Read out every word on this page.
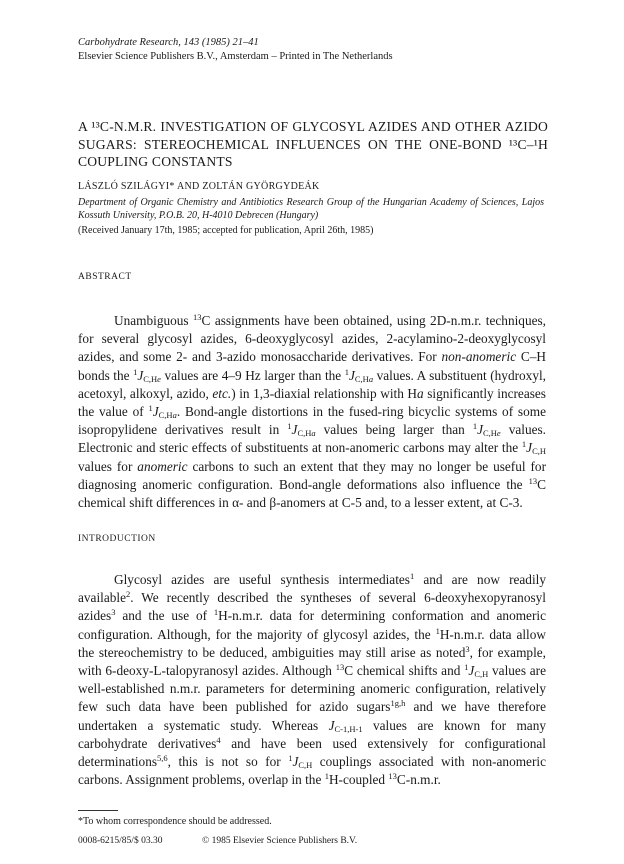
Carbohydrate Research, 143 (1985) 21–41
Elsevier Science Publishers B.V., Amsterdam – Printed in The Netherlands
A ¹³C-N.M.R. INVESTIGATION OF GLYCOSYL AZIDES AND OTHER AZIDO SUGARS: STEREOCHEMICAL INFLUENCES ON THE ONE-BOND ¹³C–¹H COUPLING CONSTANTS
LÁSZLÓ SZILÁGYI* AND ZOLTÁN GYÖRGYDEÁK
Department of Organic Chemistry and Antibiotics Research Group of the Hungarian Academy of Sciences, Lajos Kossuth University, P.O.B. 20, H-4010 Debrecen (Hungary)
(Received January 17th, 1985; accepted for publication, April 26th, 1985)
ABSTRACT

Unambiguous $^{13}$C assignments have been obtained, using 2D-n.m.r. techniques, for several glycosyl azides, 6-deoxyglycosyl azides, 2-acylamino-2-deoxyglycosyl azides, and some 2- and 3-azido monosaccharide derivatives. For non-anomeric C–H bonds the $^1J_{C,He}$ values are 4–9 Hz larger than the $^1J_{C,Ha}$ values. A substituent (hydroxyl, acetoxyl, alkoxyl, azido, etc.) in 1,3-diaxial relationship with Ha significantly increases the value of $^1J_{C,Ha}$. Bond-angle distortions in the fused-ring bicyclic systems of some isopropylidene derivatives result in $^1J_{C,Ha}$ values being larger than $^1J_{C,He}$ values. Electronic and steric effects of substituents at non-anomeric carbons may alter the $^1J_{C,H}$ values for anomeric carbons to such an extent that they may no longer be useful for diagnosing anomeric configuration. Bond-angle deformations also influence the $^{13}$C chemical shift differences in α- and β-anomers at C-5 and, to a lesser extent, at C-3.

INTRODUCTION

Glycosyl azides are useful synthesis intermediates$^1$ and are now readily available$^2$. We recently described the syntheses of several 6-deoxyhexopyranosyl azides$^3$ and the use of $^1$H-n.m.r. data for determining conformation and anomeric configuration. Although, for the majority of glycosyl azides, the $^1$H-n.m.r. data allow the stereochemistry to be deduced, ambiguities may still arise as noted$^3$, for example, with 6-deoxy-L-talopyranosyl azides. Although $^{13}$C chemical shifts and $^1J_{C,H}$ values are well-established n.m.r. parameters for determining anomeric configuration, relatively few such data have been published for azido sugars$^{1g,h}$ and we have therefore undertaken a systematic study. Whereas $J_{C-1,H-1}$ values are known for many carbohydrate derivatives$^4$ and have been used extensively for configurational determinations$^{5,6}$, this is not so for $^1J_{C,H}$ couplings associated with non-anomeric carbons. Assignment problems, overlap in the $^1$H-coupled $^{13}$C-n.m.r.

*To whom correspondence should be addressed.
0008-6215/85/$ 03.30	© 1985 Elsevier Science Publishers B.V.
